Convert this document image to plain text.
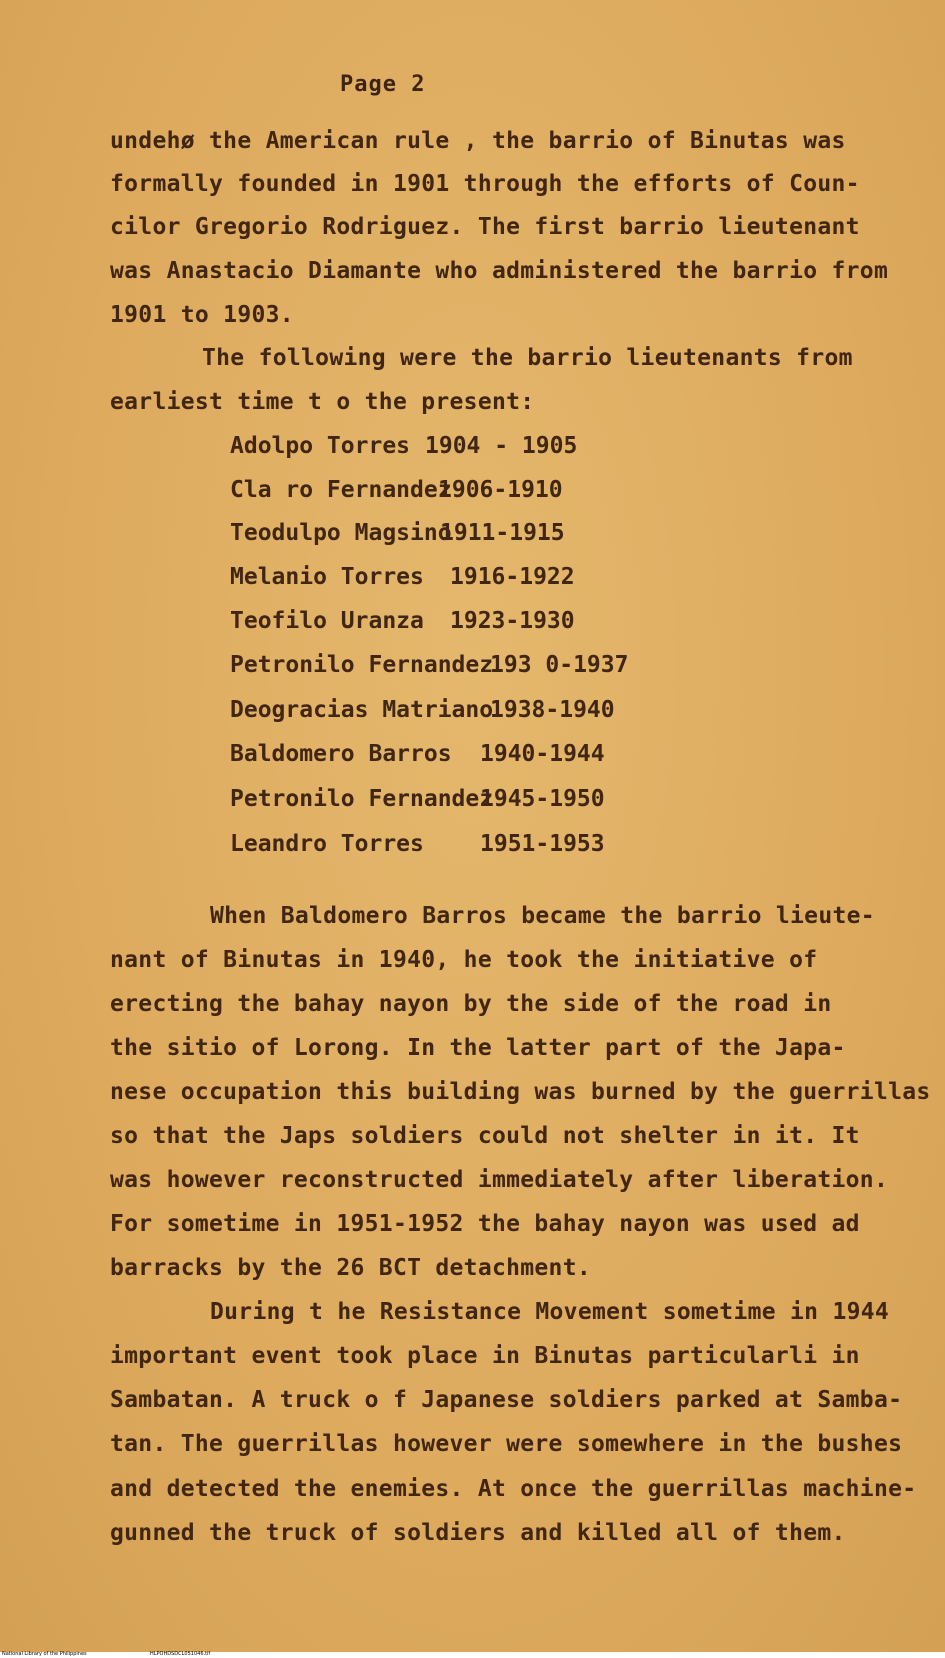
Page 2
undehø the American rule , the barrio of Binutas was
formally founded in 1901 through the efforts of Coun-
cilor Gregorio Rodriguez. The first barrio lieutenant
was Anastacio Diamante who administered the barrio from
1901 to 1903.
The following were the barrio lieutenants from
earliest time t o the present:
Adolpo Torres 1904 - 1905
Cla ro Fernandez
1906-1910
Teodulpo Magsino
1911-1915
Melanio Torres 1916-1922
Teofilo Uranza 1923-1930
Petronilo Fernandez
193 0-1937
Deogracias Matriano
1938-1940
Baldomero Barros 1940-1944
Petronilo Fernandez
1945-1950
Leandro Torres 1951-1953
When Baldomero Barros became the barrio lieute-
nant of Binutas in 1940, he took the initiative of
erecting the bahay nayon by the side of the road in
the sitio of Lorong. In the latter part of the Japa-
nese occupation this building was burned by the guerrillas
so that the Japs soldiers could not shelter in it. It
was however reconstructed immediately after liberation.
For sometime in 1951-1952 the bahay nayon was used ad
barracks by the 26 BCT detachment.
During t he Resistance Movement sometime in 1944
important event took place in Binutas particularli in
Sambatan. A truck o f Japanese soldiers parked at Samba-
tan. The guerrillas however were somewhere in the bushes
and detected the enemies. At once the guerrillas machine-
gunned the truck of soldiers and killed all of them.
National Library of the Philippines	HLPOHDSDCL051046.tif
